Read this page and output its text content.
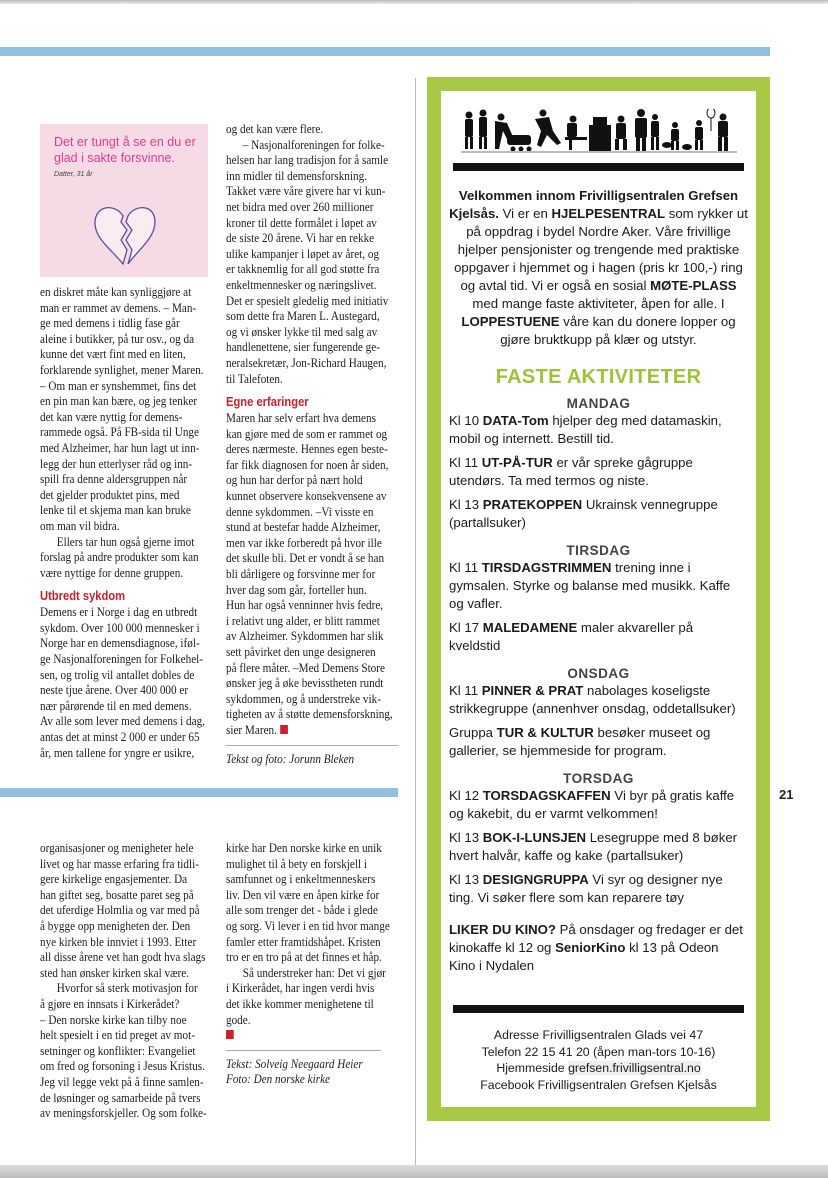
Det er tungt å se en du er glad i sakte forsvinne.
Datter, 31 år
en diskret måte kan synliggjøre at
man er rammet av demens. – Man-
ge med demens i tidlig fase går
aleine i butikker, på tur osv., og da
kunne det vært fint med en liten,
forklarende synlighet, mener Maren.
– Om man er synshemmet, fins det
en pin man kan bære, og jeg tenker
det kan være nyttig for demens-
rammede også. På FB-sida til Unge
med Alzheimer, har hun lagt ut inn-
legg der hun etterlyser råd og inn-
spill fra denne aldersgruppen når
det gjelder produktet pins, med
lenke til et skjema man kan bruke
om man vil bidra.
Ellers tar hun også gjerne imot
forslag på andre produkter som kan
være nyttige for denne gruppen.
Utbredt sykdom
Demens er i Norge i dag en utbredt
sykdom. Over 100 000 mennesker i
Norge har en demensdiagnose, iføl-
ge Nasjonalforeningen for Folkehel-
sen, og trolig vil antallet dobles de
neste tjue årene. Over 400 000 er
nær pårørende til en med demens.
Av alle som lever med demens i dag,
antas det at minst 2 000 er under 65
år, men tallene for yngre er usikre,
og det kan være flere.
– Nasjonalforeningen for folke-
helsen har lang tradisjon for å samle
inn midler til demensforskning.
Takket være våre givere har vi kun-
net bidra med over 260 millioner
kroner til dette formålet i løpet av
de siste 20 årene. Vi har en rekke
ulike kampanjer i løpet av året, og
er takknemlig for all god støtte fra
enkeltmennesker og næringslivet.
Det er spesielt gledelig med initiativ
som dette fra Maren L. Austegard,
og vi ønsker lykke til med salg av
handlenettene, sier fungerende ge-
neralsekretær, Jon-Richard Haugen,
til Talefoten.
Egne erfaringer
Maren har selv erfart hva demens
kan gjøre med de som er rammet og
deres nærmeste. Hennes egen beste-
far fikk diagnosen for noen år siden,
og hun har derfor på nært hold
kunnet observere konsekvensene av
denne sykdommen. –Vi visste en
stund at bestefar hadde Alzheimer,
men var ikke forberedt på hvor ille
det skulle bli. Det er vondt å se han
bli dårligere og forsvinne mer for
hver dag som går, forteller hun.
Hun har også venninner hvis fedre,
i relativt ung alder, er blitt rammet
av Alzheimer. Sykdommen har slik
sett påvirket den unge designeren
på flere måter. –Med Demens Store
ønsker jeg å øke bevisstheten rundt
sykdommen, og å understreke vik-
tigheten av å støtte demensforskning,
sier Maren.
Tekst og foto: Jorunn Bleken
organisasjoner og menigheter hele
livet og har masse erfaring fra tidli-
gere kirkelige engasjementer. Da
han giftet seg, bosatte paret seg på
det uferdige Holmlia og var med på
å bygge opp menigheten der. Den
nye kirken ble innviet i 1993. Etter
all disse årene vet han godt hva slags
sted han ønsker kirken skal være.
Hvorfor så sterk motivasjon for
å gjøre en innsats i Kirkerådet?
– Den norske kirke kan tilby noe
helt spesielt i en tid preget av mot-
setninger og konflikter: Evangeliet
om fred og forsoning i Jesus Kristus.
Jeg vil legge vekt på å finne samlen-
de løsninger og samarbeide på tvers
av meningsforskjeller. Og som folke-
kirke har Den norske kirke en unik
mulighet til å bety en forskjell i
samfunnet og i enkeltmenneskers
liv. Den vil være en åpen kirke for
alle som trenger det - både i glede
og sorg. Vi lever i en tid hvor mange
famler etter framtidshåpet. Kristen
tro er en tro på at det finnes et håp.
Så understreker han: Det vi gjør
i Kirkerådet, har ingen verdi hvis
det ikke kommer menighetene til
gode.
Tekst: Solveig Neegaard Heier
Foto: Den norske kirke
Velkommen innom Frivilligsentralen Grefsen Kjelsås. Vi er en HJELPESENTRAL som rykker ut på oppdrag i bydel Nordre Aker. Våre frivillige hjelper pensjonister og trengende med praktiske oppgaver i hjemmet og i hagen (pris kr 100,-) ring og avtal tid. Vi er også en sosial MØTE-PLASS med mange faste aktiviteter, åpen for alle. I LOPPESTUENE våre kan du donere lopper og gjøre bruktkupp på klær og utstyr.
FASTE AKTIVITETER
MANDAG
Kl 10 DATA-Tom hjelper deg med datamaskin, mobil og internett. Bestill tid.
Kl 11 UT-PÅ-TUR er vår spreke gågruppe utendørs. Ta med termos og niste.
Kl 13 PRATEKOPPEN Ukrainsk vennegruppe (partallsuker)
TIRSDAG
Kl 11 TIRSDAGSTRIMMEN trening inne i gymsalen. Styrke og balanse med musikk. Kaffe og vafler.
Kl 17 MALEDAMENE maler akvareller på kveldstid
ONSDAG
Kl 11 PINNER & PRAT nabolages koseligste strikkegruppe (annenhver onsdag, oddetallsuker)
Gruppa TUR & KULTUR besøker museet og gallerier, se hjemmeside for program.
TORSDAG
Kl 12 TORSDAGSKAFFEN Vi byr på gratis kaffe og kakebit, du er varmt velkommen!
Kl 13 BOK-I-LUNSJEN Lesegruppe med 8 bøker hvert halvår, kaffe og kake (partallsuker)
Kl 13 DESIGNGRUPPA Vi syr og designer nye ting. Vi søker flere som kan reparere tøy
LIKER DU KINO? På onsdager og fredager er det kinokaffe kl 12 og SeniorKino kl 13 på Odeon Kino i Nydalen
Adresse Frivilligsentralen Glads vei 47
Telefon 22 15 41 20 (åpen man-tors 10-16)
Hjemmeside grefsen.frivilligsentral.no
Facebook Frivilligsentralen Grefsen Kjelsås
21
